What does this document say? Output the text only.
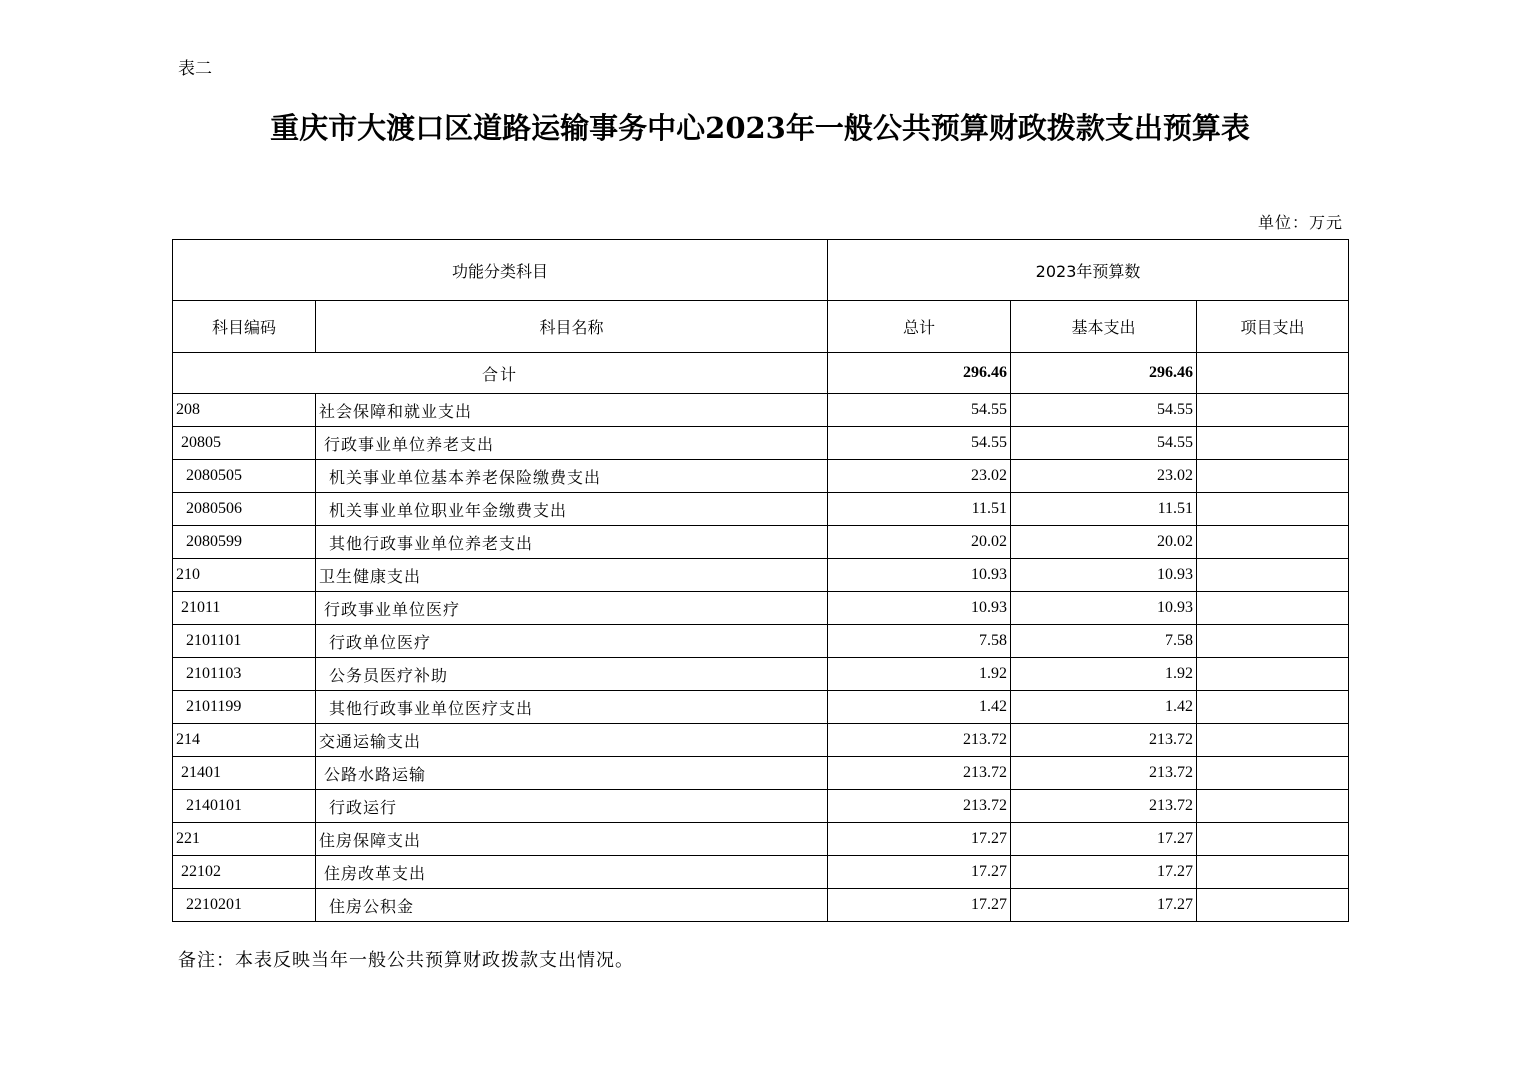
表二
重庆市大渡口区道路运输事务中心2023年一般公共预算财政拨款支出预算表
单位：万元
功能分类科目		2023年预算数		
科目编码	科目名称	总计	基本支出	项目支出
合计		296.46	296.46	
208	社会保障和就业支出	54.55	54.55	
20805	行政事业单位养老支出	54.55	54.55	
2080505	机关事业单位基本养老保险缴费支出	23.02	23.02	
2080506	机关事业单位职业年金缴费支出	11.51	11.51	
2080599	其他行政事业单位养老支出	20.02	20.02	
210	卫生健康支出	10.93	10.93	
21011	行政事业单位医疗	10.93	10.93	
2101101	行政单位医疗	7.58	7.58	
2101103	公务员医疗补助	1.92	1.92	
2101199	其他行政事业单位医疗支出	1.42	1.42	
214	交通运输支出	213.72	213.72	
21401	公路水路运输	213.72	213.72	
2140101	行政运行	213.72	213.72	
221	住房保障支出	17.27	17.27	
22102	住房改革支出	17.27	17.27	
2210201	住房公积金	17.27	17.27	
备注：本表反映当年一般公共预算财政拨款支出情况。
